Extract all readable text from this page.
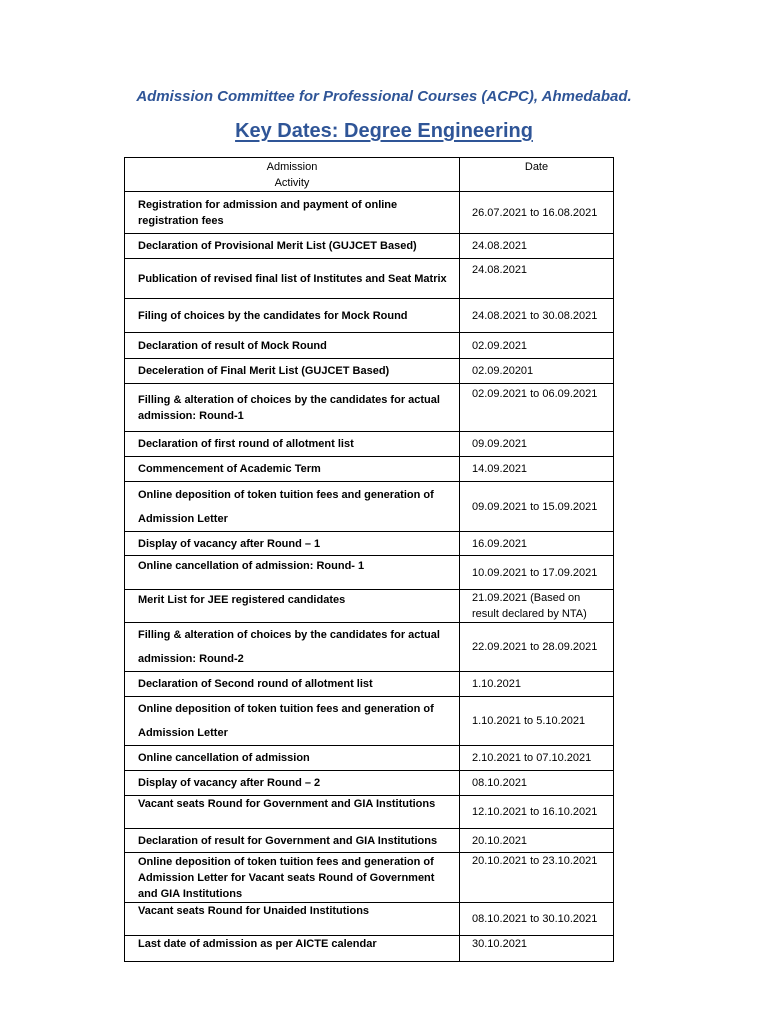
Admission Committee for Professional Courses (ACPC), Ahmedabad.
Key Dates: Degree Engineering
Admission
Activity	Date
Registration for admission and payment of online registration fees	26.07.2021 to 16.08.2021
Declaration of Provisional Merit List (GUJCET Based)	24.08.2021
Publication of revised final list of Institutes and Seat Matrix	24.08.2021
Filing of choices by the candidates for Mock Round	24.08.2021 to 30.08.2021
Declaration of result of Mock Round	02.09.2021
Deceleration of Final Merit List (GUJCET Based)	02.09.20201
Filling & alteration of choices by the candidates for actual admission: Round-1	02.09.2021 to 06.09.2021
Declaration of first round of allotment list	09.09.2021
Commencement of Academic Term	14.09.2021
Online deposition of token tuition fees and generation of Admission Letter	09.09.2021 to 15.09.2021
Display of vacancy after Round – 1	16.09.2021
Online cancellation of admission: Round- 1	10.09.2021 to 17.09.2021
Merit List for JEE registered candidates	21.09.2021 (Based on result declared by NTA)
Filling & alteration of choices by the candidates for actual admission: Round-2	22.09.2021 to 28.09.2021
Declaration of Second round of allotment list	1.10.2021
Online deposition of token tuition fees and generation of Admission Letter	1.10.2021 to 5.10.2021
Online cancellation of admission	2.10.2021 to 07.10.2021
Display of vacancy after Round – 2	08.10.2021
Vacant seats Round for Government and GIA Institutions	12.10.2021 to 16.10.2021
Declaration of result for Government and GIA Institutions	20.10.2021
Online deposition of token tuition fees and generation of Admission Letter for Vacant seats Round of Government and GIA Institutions	20.10.2021 to 23.10.2021
Vacant seats Round for Unaided Institutions	08.10.2021 to 30.10.2021
Last date of admission as per AICTE calendar	30.10.2021
